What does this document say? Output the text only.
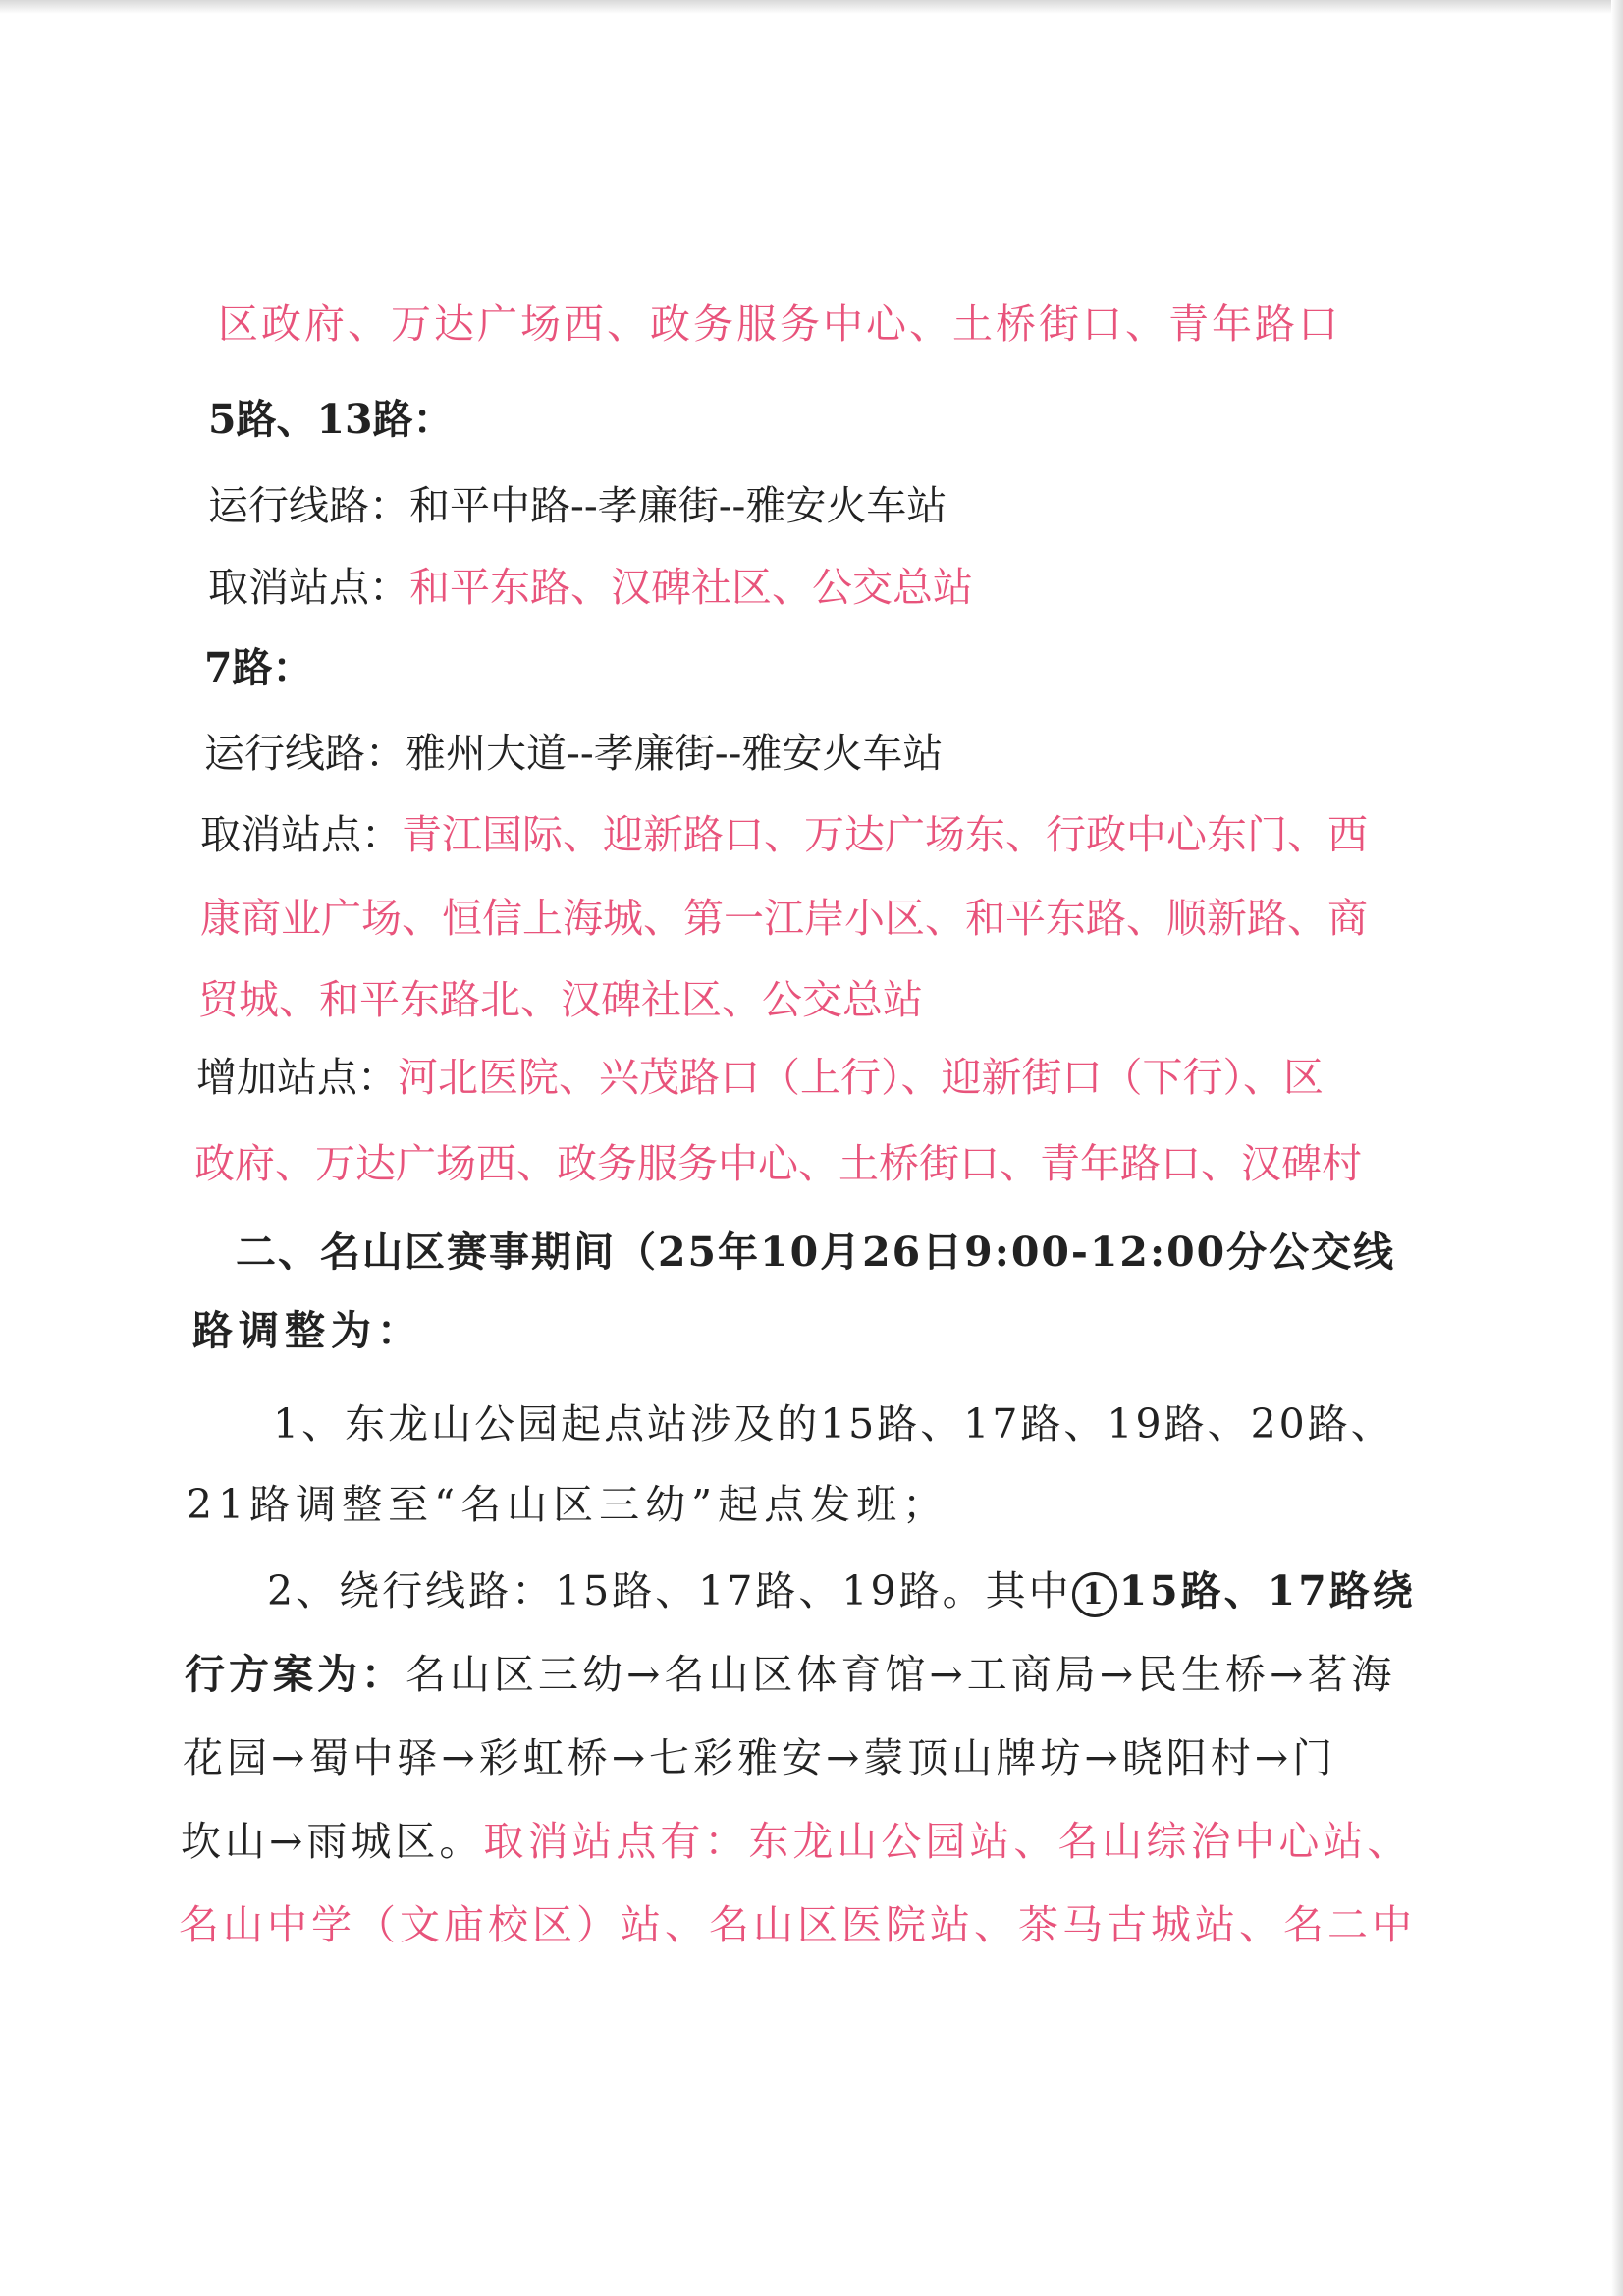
区政府、万达广场西、政务服务中心、土桥街口、青年路口
5路、13路：
运行线路：和平中路--孝廉街--雅安火车站
取消站点：和平东路、汉碑社区、公交总站
7路：
运行线路：雅州大道--孝廉街--雅安火车站
取消站点：青江国际、迎新路口、万达广场东、行政中心东门、西
康商业广场、恒信上海城、第一江岸小区、和平东路、顺新路、商
贸城、和平东路北、汉碑社区、公交总站
增加站点：河北医院、兴茂路口（上行）、迎新街口（下行）、区
政府、万达广场西、政务服务中心、土桥街口、青年路口、汉碑村
二、名山区赛事期间（25年10月26日9:00-12:00分公交线
路调整为：
1、东龙山公园起点站涉及的15路、17路、19路、20路、
21路调整至“名山区三幼”起点发班；
2、绕行线路：15路、17路、19路。其中 1 15路、17路绕
行方案为：名山区三幼→名山区体育馆→工商局→民生桥→茗海
花园→蜀中驿→彩虹桥→七彩雅安→蒙顶山牌坊→晓阳村→门
坎山→雨城区。取消站点有：东龙山公园站、名山综治中心站、
名山中学（文庙校区）站、名山区医院站、茶马古城站、名二中
